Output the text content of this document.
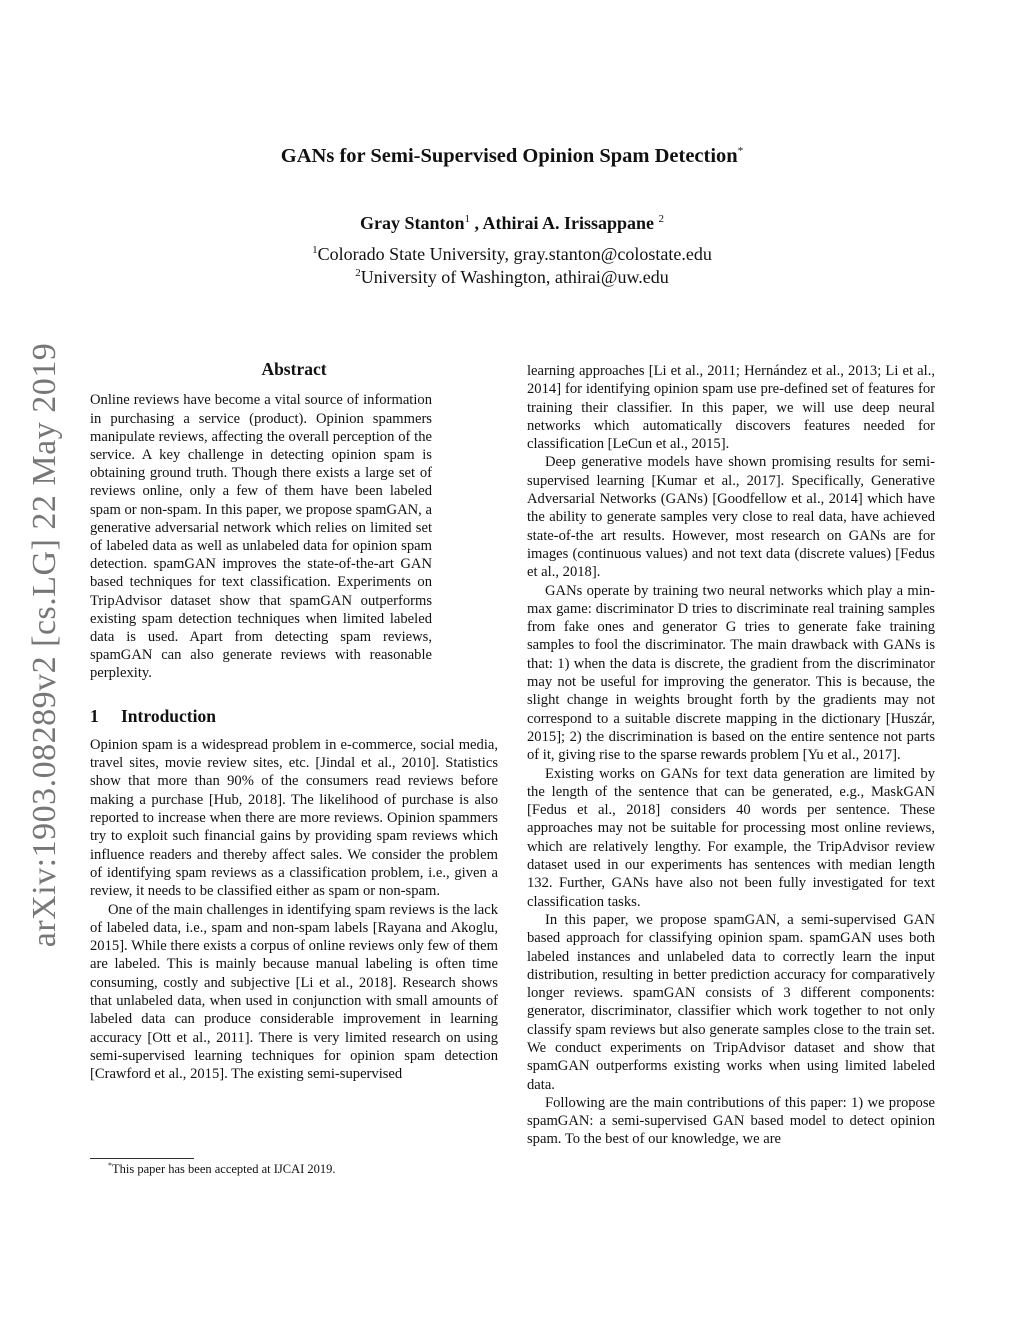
arXiv:1903.08289v2 [cs.LG] 22 May 2019
GANs for Semi-Supervised Opinion Spam Detection*
Gray Stanton$^1$ , Athirai A. Irissappane $^2$
$^1$Colorado State University, gray.stanton@colostate.edu
$^2$University of Washington, athirai@uw.edu
Abstract

Online reviews have become a vital source of information in purchasing a service (product). Opinion spammers manipulate reviews, affecting the overall perception of the service. A key challenge in detecting opinion spam is obtaining ground truth. Though there exists a large set of reviews online, only a few of them have been labeled spam or non-spam. In this paper, we propose spamGAN, a generative adversarial network which relies on limited set of labeled data as well as unlabeled data for opinion spam detection. spamGAN improves the state-of-the-art GAN based techniques for text classification. Experiments on TripAdvisor dataset show that spamGAN outperforms existing spam detection techniques when limited labeled data is used. Apart from detecting spam reviews, spamGAN can also generate reviews with reasonable perplexity.

1 Introduction

Opinion spam is a widespread problem in e-commerce, social media, travel sites, movie review sites, etc. [Jindal et al., 2010]. Statistics show that more than 90% of the consumers read reviews before making a purchase [Hub, 2018]. The likelihood of purchase is also reported to increase when there are more reviews. Opinion spammers try to exploit such financial gains by providing spam reviews which influence readers and thereby affect sales. We consider the problem of identifying spam reviews as a classification problem, i.e., given a review, it needs to be classified either as spam or non-spam.

One of the main challenges in identifying spam reviews is the lack of labeled data, i.e., spam and non-spam labels [Rayana and Akoglu, 2015]. While there exists a corpus of online reviews only few of them are labeled. This is mainly because manual labeling is often time consuming, costly and subjective [Li et al., 2018]. Research shows that unlabeled data, when used in conjunction with small amounts of labeled data can produce considerable improvement in learning accuracy [Ott et al., 2011]. There is very limited research on using semi-supervised learning techniques for opinion spam detection [Crawford et al., 2015]. The existing semi-supervised

learning approaches [Li et al., 2011; Hernández et al., 2013; Li et al., 2014] for identifying opinion spam use pre-defined set of features for training their classifier. In this paper, we will use deep neural networks which automatically discovers features needed for classification [LeCun et al., 2015].

Deep generative models have shown promising results for semi-supervised learning [Kumar et al., 2017]. Specifically, Generative Adversarial Networks (GANs) [Goodfellow et al., 2014] which have the ability to generate samples very close to real data, have achieved state-of-the art results. However, most research on GANs are for images (continuous values) and not text data (discrete values) [Fedus et al., 2018].

GANs operate by training two neural networks which play a min-max game: discriminator D tries to discriminate real training samples from fake ones and generator G tries to generate fake training samples to fool the discriminator. The main drawback with GANs is that: 1) when the data is discrete, the gradient from the discriminator may not be useful for improving the generator. This is because, the slight change in weights brought forth by the gradients may not correspond to a suitable discrete mapping in the dictionary [Huszár, 2015]; 2) the discrimination is based on the entire sentence not parts of it, giving rise to the sparse rewards problem [Yu et al., 2017].

Existing works on GANs for text data generation are limited by the length of the sentence that can be generated, e.g., MaskGAN [Fedus et al., 2018] considers 40 words per sentence. These approaches may not be suitable for processing most online reviews, which are relatively lengthy. For example, the TripAdvisor review dataset used in our experiments has sentences with median length 132. Further, GANs have also not been fully investigated for text classification tasks.

In this paper, we propose spamGAN, a semi-supervised GAN based approach for classifying opinion spam. spamGAN uses both labeled instances and unlabeled data to correctly learn the input distribution, resulting in better prediction accuracy for comparatively longer reviews. spamGAN consists of 3 different components: generator, discriminator, classifier which work together to not only classify spam reviews but also generate samples close to the train set. We conduct experiments on TripAdvisor dataset and show that spamGAN outperforms existing works when using limited labeled data.

Following are the main contributions of this paper: 1) we propose spamGAN: a semi-supervised GAN based model to detect opinion spam. To the best of our knowledge, we are

*This paper has been accepted at IJCAI 2019.
